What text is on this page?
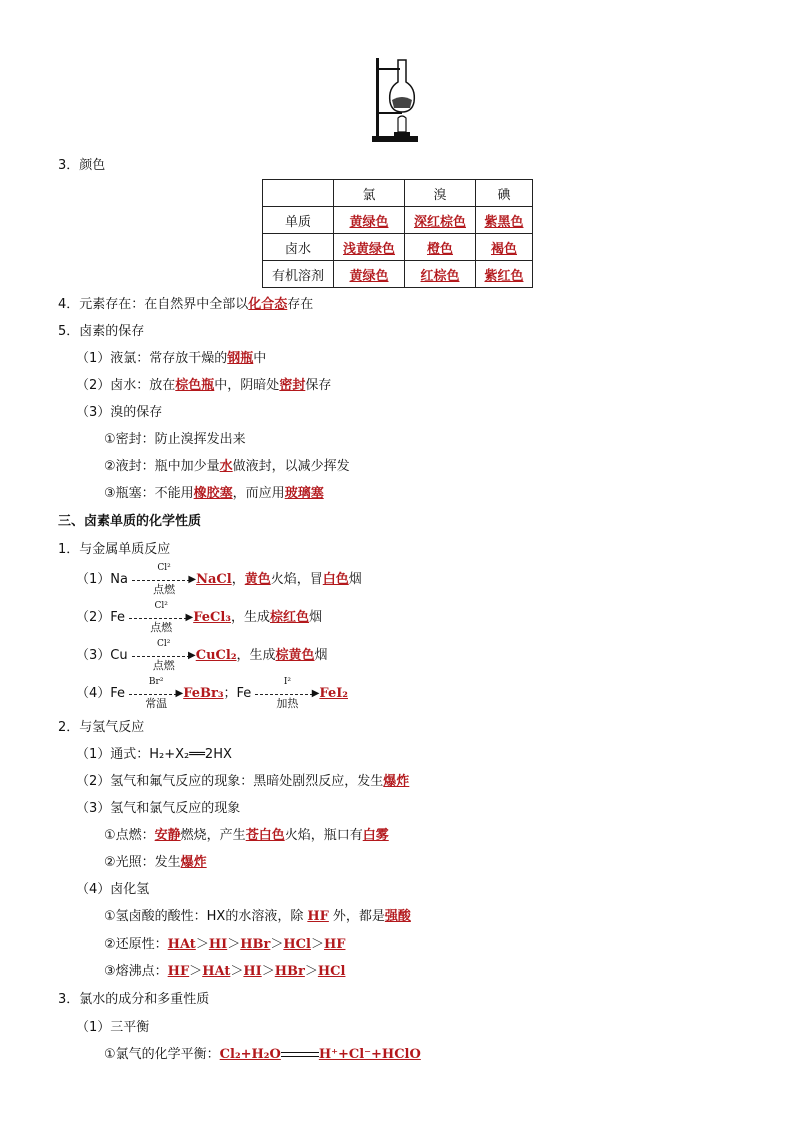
3．颜色
	氯	溴	碘
单质	黄绿色	深红棕色	紫黑色
卤水	浅黄绿色	橙色	褐色
有机溶剂	黄绿色	红棕色	紫红色
4．元素存在：在自然界中全部以化合态存在
5．卤素的保存
（1）液氯：常存放干燥的钢瓶中
（2）卤水：放在棕色瓶中，阴暗处密封保存
（3）溴的保存
①密封：防止溴挥发出来
②液封：瓶中加少量水做液封，以减少挥发
③瓶塞：不能用橡胶塞，而应用玻璃塞
三、卤素单质的化学性质
1．与金属单质反应
（1）Na
Cl²
▶
点燃
NaCl，黄色火焰，冒白色烟
（2）Fe
Cl²
▶
点燃
FeCl₃，生成棕红色烟
（3）Cu
Cl²
▶
点燃
CuCl₂，生成棕黄色烟
（4）Fe
Br²
▶
常温
FeBr₃；Fe
I²
▶
加热
FeI₂
2．与氢气反应
（1）通式：H₂+X₂══2HX
（2）氢气和氟气反应的现象：黑暗处剧烈反应，发生爆炸
（3）氢气和氯气反应的现象
①点燃：安静燃烧，产生苍白色火焰，瓶口有白雾
②光照：发生爆炸
（4）卤化氢
①氢卤酸的酸性：HX的水溶液，除 HF 外，都是强酸
②还原性：HAt＞HI＞HBr＞HCl＞HF
③熔沸点：HF＞HAt＞HI＞HBr＞HCl
3．氯水的成分和多重性质
（1）三平衡
①氯气的化学平衡：Cl₂+H₂O	H⁺+Cl⁻+HClO
